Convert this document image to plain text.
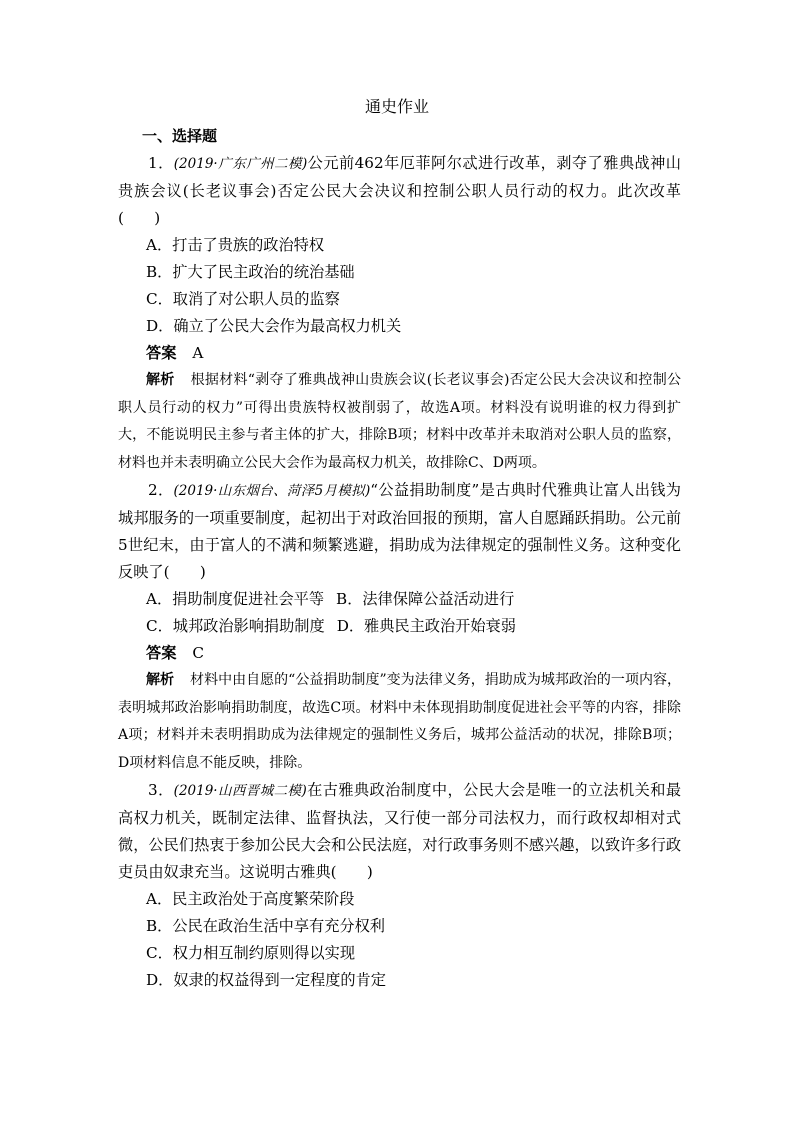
通史作业
一、选择题

1．(2019·广东广州二模)公元前462年厄菲阿尔忒进行改革，剥夺了雅典战神山贵族会议(长老议事会)否定公民大会决议和控制公职人员行动的权力。此次改革(　　)

A．打击了贵族的政治特权
B．扩大了民主政治的统治基础
C．取消了对公职人员的监察
D．确立了公民大会作为最高权力机关
答案 A

解析 根据材料“剥夺了雅典战神山贵族会议(长老议事会)否定公民大会决议和控制公职人员行动的权力”可得出贵族特权被削弱了，故选A项。材料没有说明谁的权力得到扩大，不能说明民主参与者主体的扩大，排除B项；材料中改革并未取消对公职人员的监察，材料也并未表明确立公民大会作为最高权力机关，故排除C、D两项。

2．(2019·山东烟台、菏泽5月模拟)“公益捐助制度”是古典时代雅典让富人出钱为城邦服务的一项重要制度，起初出于对政治回报的预期，富人自愿踊跃捐助。公元前5世纪末，由于富人的不满和频繁逃避，捐助成为法律规定的强制性义务。这种变化反映了(　　)

A．捐助制度促进社会平等 B．法律保障公益活动进行
C．城邦政治影响捐助制度 D．雅典民主政治开始衰弱
答案 C

解析 材料中由自愿的“公益捐助制度”变为法律义务，捐助成为城邦政治的一项内容，表明城邦政治影响捐助制度，故选C项。材料中未体现捐助制度促进社会平等的内容，排除A项；材料并未表明捐助成为法律规定的强制性义务后，城邦公益活动的状况，排除B项；D项材料信息不能反映，排除。

3．(2019·山西晋城二模)在古雅典政治制度中，公民大会是唯一的立法机关和最高权力机关，既制定法律、监督执法，又行使一部分司法权力，而行政权却相对式微，公民们热衷于参加公民大会和公民法庭，对行政事务则不感兴趣，以致许多行政吏员由奴隶充当。这说明古雅典(　　)

A．民主政治处于高度繁荣阶段
B．公民在政治生活中享有充分权利
C．权力相互制约原则得以实现
D．奴隶的权益得到一定程度的肯定
